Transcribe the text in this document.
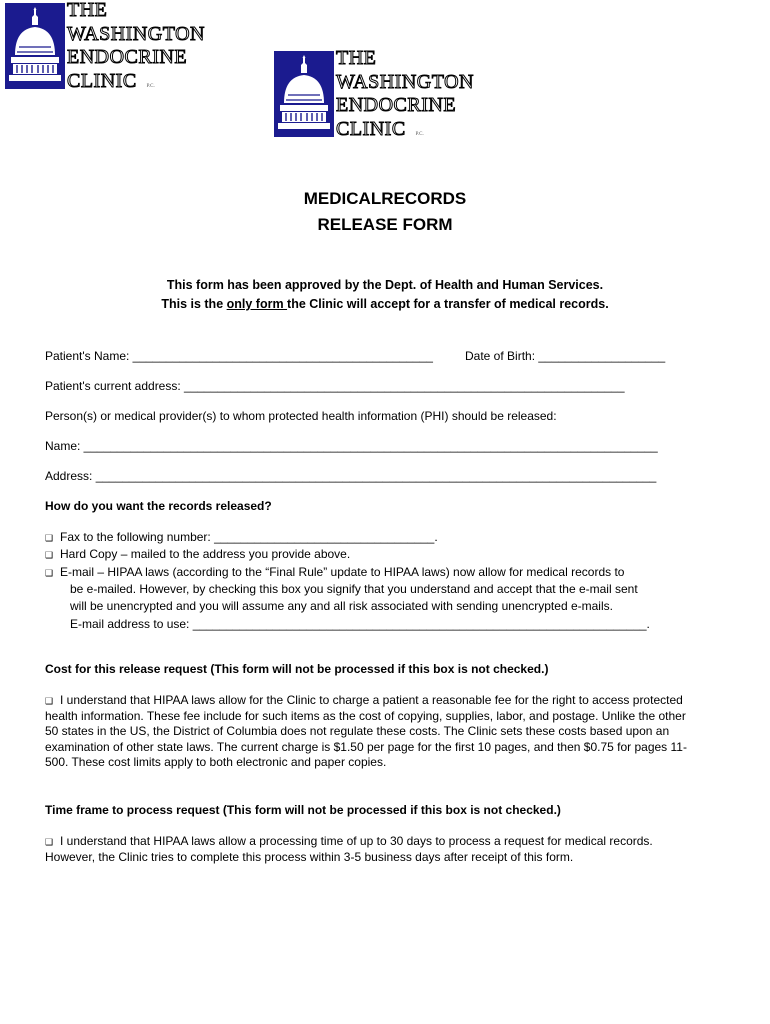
THE
WASHINGTON
ENDOCRINE
CLINIC P.C.
THE
WASHINGTON
ENDOCRINE
CLINIC P.C.
MEDICALRECORDS
RELEASE FORM
This form has been approved by the Dept. of Health and Human Services.
This is the only form the Clinic will accept for a transfer of medical records.
Patient's Name: _____________________________________________	Date of Birth: ___________________
Patient's current address: __________________________________________________________________
Person(s) or medical provider(s) to whom protected health information (PHI) should be released:
Name: ______________________________________________________________________________________
Address: ____________________________________________________________________________________
How do you want the records released?
❑ Fax to the following number: _________________________________.
❑ Hard Copy – mailed to the address you provide above.
❑ E-mail – HIPAA laws (according to the “Final Rule” update to HIPAA laws) now allow for medical records to
be e-mailed. However, by checking this box you signify that you understand and accept that the e-mail sent
will be unencrypted and you will assume any and all risk associated with sending unencrypted e-mails.
E-mail address to use: ____________________________________________________________________.
Cost for this release request (This form will not be processed if this box is not checked.)
❑ I understand that HIPAA laws allow for the Clinic to charge a patient a reasonable fee for the right to access protected
health information. These fee include for such items as the cost of copying, supplies, labor, and postage. Unlike the other
50 states in the US, the District of Columbia does not regulate these costs. The Clinic sets these costs based upon an
examination of other state laws. The current charge is $1.50 per page for the first 10 pages, and then $0.75 for pages 11-
500. These cost limits apply to both electronic and paper copies.
Time frame to process request (This form will not be processed if this box is not checked.)
❑ I understand that HIPAA laws allow a processing time of up to 30 days to process a request for medical records.
However, the Clinic tries to complete this process within 3-5 business days after receipt of this form.
